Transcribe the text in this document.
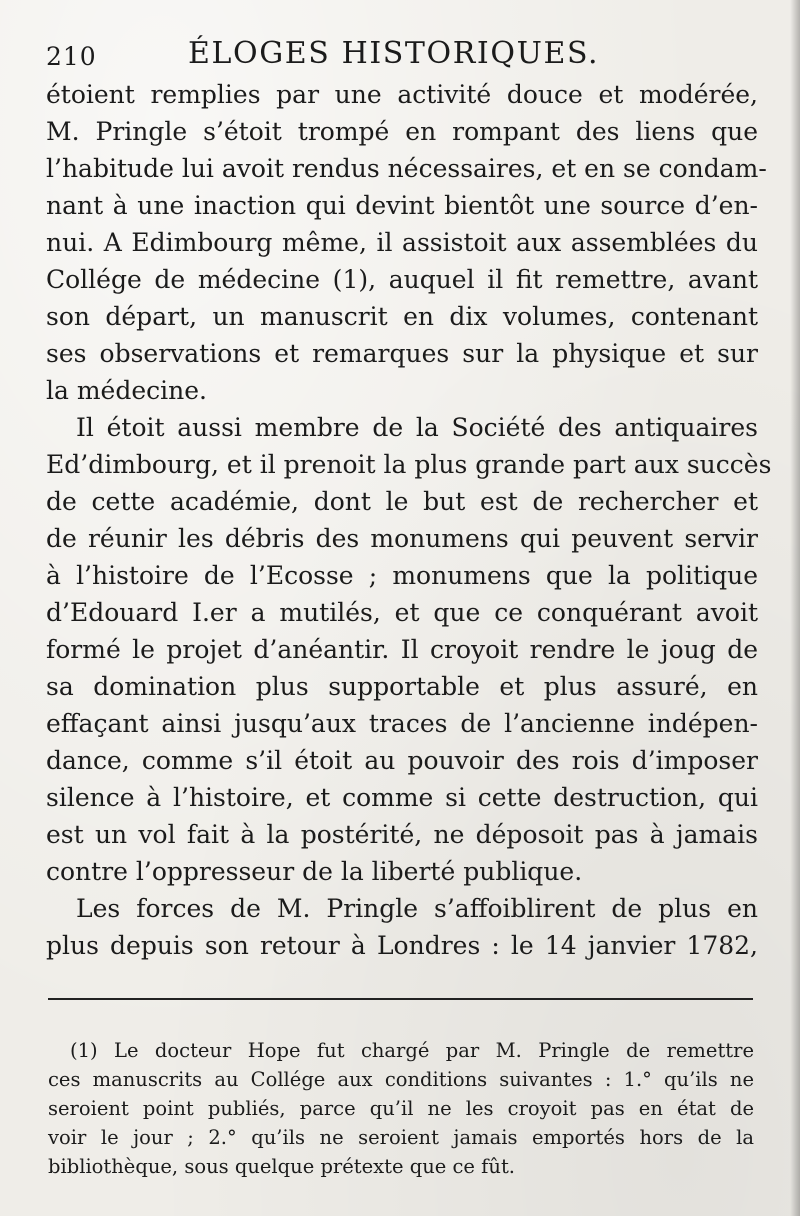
210	ÉLOGES HISTORIQUES.
étoient remplies par une activité douce et modérée,
M. Pringle s’étoit trompé en rompant des liens que
l’habitude lui avoit rendus nécessaires, et en se condam-
nant à une inaction qui devint bientôt une source d’en-
nui. A Edimbourg même, il assistoit aux assemblées du
Collége de médecine (1), auquel il fit remettre, avant
son départ, un manuscrit en dix volumes, contenant
ses observations et remarques sur la physique et sur
la médecine.
Il étoit aussi membre de la Société des antiquaires
Ed’dimbourg, et il prenoit la plus grande part aux succès
de cette académie, dont le but est de rechercher et
de réunir les débris des monumens qui peuvent servir
à l’histoire de l’Ecosse ; monumens que la politique
d’Edouard I.er a mutilés, et que ce conquérant avoit
formé le projet d’anéantir. Il croyoit rendre le joug de
sa domination plus supportable et plus assuré, en
effaçant ainsi jusqu’aux traces de l’ancienne indépen-
dance, comme s’il étoit au pouvoir des rois d’imposer
silence à l’histoire, et comme si cette destruction, qui
est un vol fait à la postérité, ne déposoit pas à jamais
contre l’oppresseur de la liberté publique.
Les forces de M. Pringle s’affoiblirent de plus en
plus depuis son retour à Londres : le 14 janvier 1782,
(1) Le docteur Hope fut chargé par M. Pringle de remettre
ces manuscrits au Collége aux conditions suivantes : 1.° qu’ils ne
seroient point publiés, parce qu’il ne les croyoit pas en état de
voir le jour ; 2.° qu’ils ne seroient jamais emportés hors de la
bibliothèque, sous quelque prétexte que ce fût.
